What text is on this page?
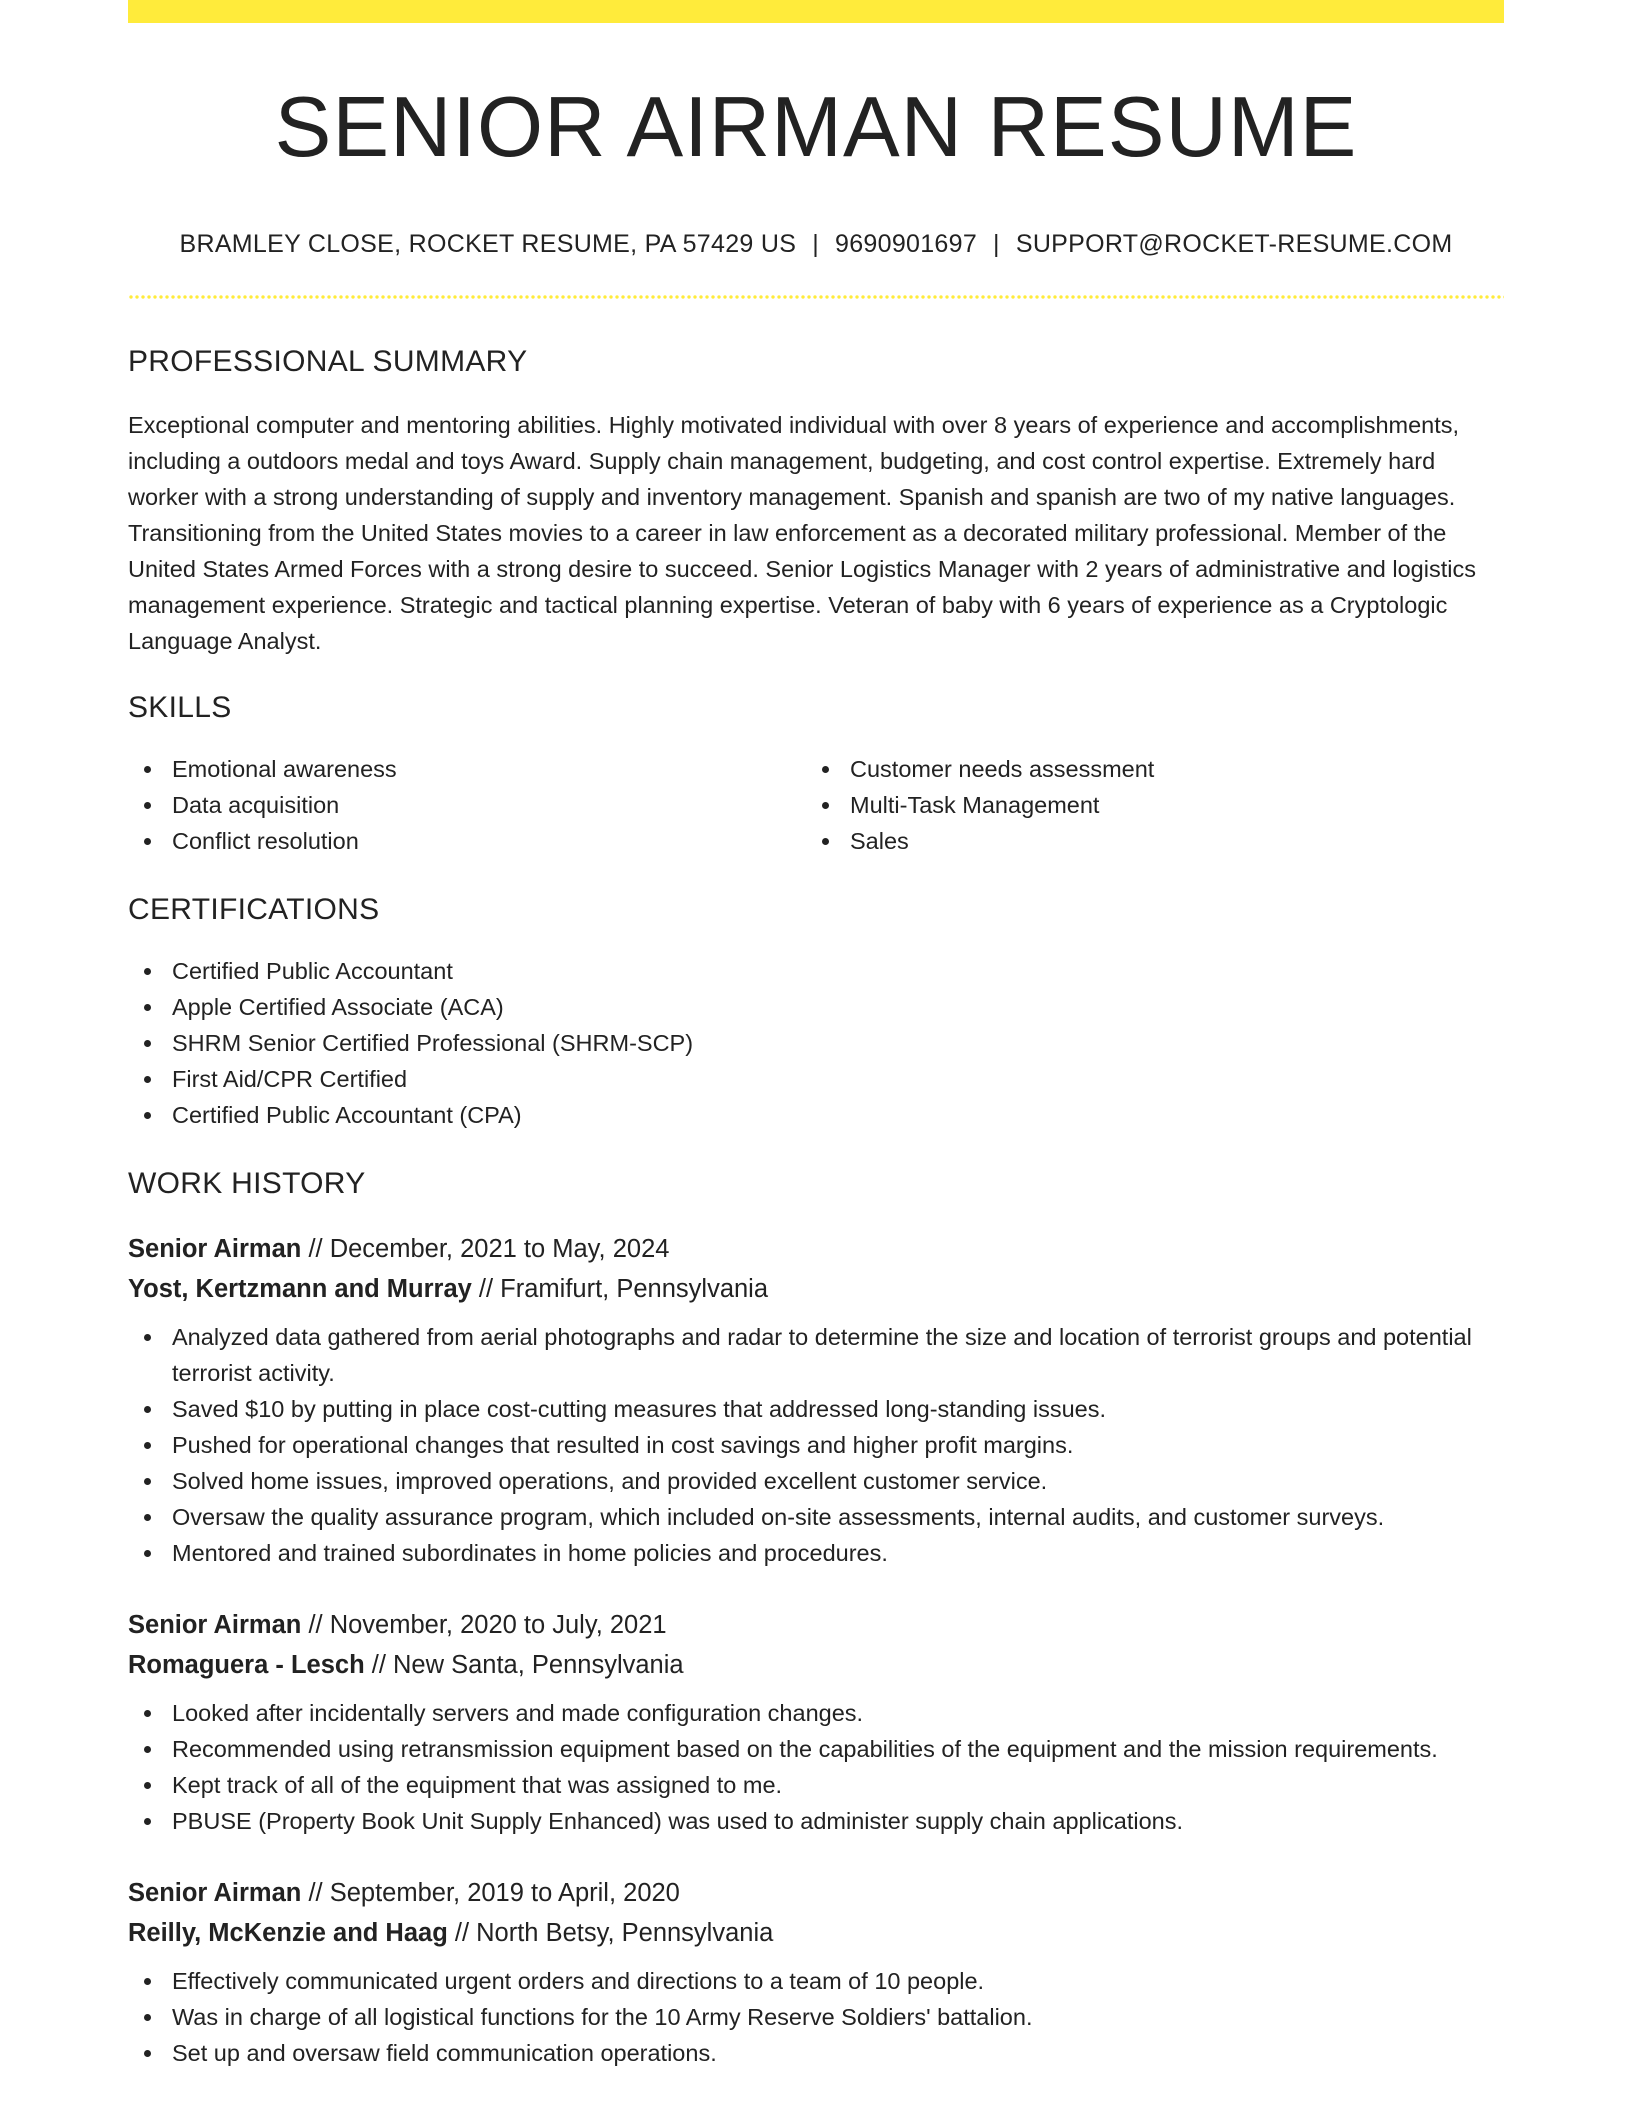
SENIOR AIRMAN RESUME
BRAMLEY CLOSE, ROCKET RESUME, PA 57429 US | 9690901697 | SUPPORT@ROCKET-RESUME.COM
PROFESSIONAL SUMMARY

Exceptional computer and mentoring abilities. Highly motivated individual with over 8 years of experience and accomplishments, including a outdoors medal and toys Award. Supply chain management, budgeting, and cost control expertise. Extremely hard worker with a strong understanding of supply and inventory management. Spanish and spanish are two of my native languages. Transitioning from the United States movies to a career in law enforcement as a decorated military professional. Member of the United States Armed Forces with a strong desire to succeed. Senior Logistics Manager with 2 years of administrative and logistics management experience. Strategic and tactical planning expertise. Veteran of baby with 6 years of experience as a Cryptologic Language Analyst.

SKILLS
Emotional awareness
Data acquisition
Conflict resolution
Customer needs assessment
Multi-Task Management
Sales
CERTIFICATIONS
Certified Public Accountant
Apple Certified Associate (ACA)
SHRM Senior Certified Professional (SHRM-SCP)
First Aid/CPR Certified
Certified Public Accountant (CPA)
WORK HISTORY
Senior Airman // December, 2021 to May, 2024
Yost, Kertzmann and Murray // Framifurt, Pennsylvania
Analyzed data gathered from aerial photographs and radar to determine the size and location of terrorist groups and potential terrorist activity.
Saved $10 by putting in place cost-cutting measures that addressed long-standing issues.
Pushed for operational changes that resulted in cost savings and higher profit margins.
Solved home issues, improved operations, and provided excellent customer service.
Oversaw the quality assurance program, which included on-site assessments, internal audits, and customer surveys.
Mentored and trained subordinates in home policies and procedures.
Senior Airman // November, 2020 to July, 2021
Romaguera - Lesch // New Santa, Pennsylvania
Looked after incidentally servers and made configuration changes.
Recommended using retransmission equipment based on the capabilities of the equipment and the mission requirements.
Kept track of all of the equipment that was assigned to me.
PBUSE (Property Book Unit Supply Enhanced) was used to administer supply chain applications.
Senior Airman // September, 2019 to April, 2020
Reilly, McKenzie and Haag // North Betsy, Pennsylvania
Effectively communicated urgent orders and directions to a team of 10 people.
Was in charge of all logistical functions for the 10 Army Reserve Soldiers' battalion.
Set up and oversaw field communication operations.
